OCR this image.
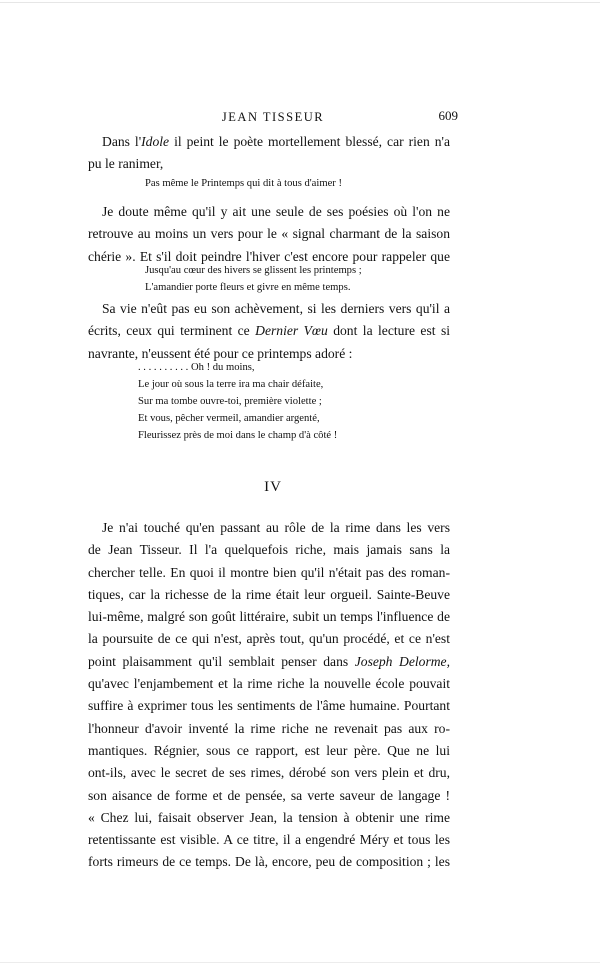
JEAN TISSEUR	609
Dans l'Idole il peint le poète mortellement blessé, car rien n'a
pu le ranimer,
Pas même le Printemps qui dit à tous d'aimer !
Je doute même qu'il y ait une seule de ses poésies où l'on ne
retrouve au moins un vers pour le « signal charmant de la saison
chérie ». Et s'il doit peindre l'hiver c'est encore pour rappeler que
Jusqu'au cœur des hivers se glissent les printemps ;
L'amandier porte fleurs et givre en même temps.
Sa vie n'eût pas eu son achèvement, si les derniers vers qu'il a
écrits, ceux qui terminent ce Dernier Vœu dont la lecture est si
navrante, n'eussent été pour ce printemps adoré :
. . . . . . . . . . Oh ! du moins,
Le jour où sous la terre ira ma chair défaite,
Sur ma tombe ouvre-toi, première violette ;
Et vous, pêcher vermeil, amandier argenté,
Fleurissez près de moi dans le champ d'à côté !
IV
Je n'ai touché qu'en passant au rôle de la rime dans les vers
de Jean Tisseur. Il l'a quelquefois riche, mais jamais sans la
chercher telle. En quoi il montre bien qu'il n'était pas des roman-
tiques, car la richesse de la rime était leur orgueil. Sainte-Beuve
lui-même, malgré son goût littéraire, subit un temps l'influence de
la poursuite de ce qui n'est, après tout, qu'un procédé, et ce n'est
point plaisamment qu'il semblait penser dans Joseph Delorme,
qu'avec l'enjambement et la rime riche la nouvelle école pouvait
suffire à exprimer tous les sentiments de l'âme humaine. Pourtant
l'honneur d'avoir inventé la rime riche ne revenait pas aux ro-
mantiques. Régnier, sous ce rapport, est leur père. Que ne lui
ont-ils, avec le secret de ses rimes, dérobé son vers plein et dru,
son aisance de forme et de pensée, sa verte saveur de langage !
« Chez lui, faisait observer Jean, la tension à obtenir une rime
retentissante est visible. A ce titre, il a engendré Méry et tous les
forts rimeurs de ce temps. De là, encore, peu de composition ; les
